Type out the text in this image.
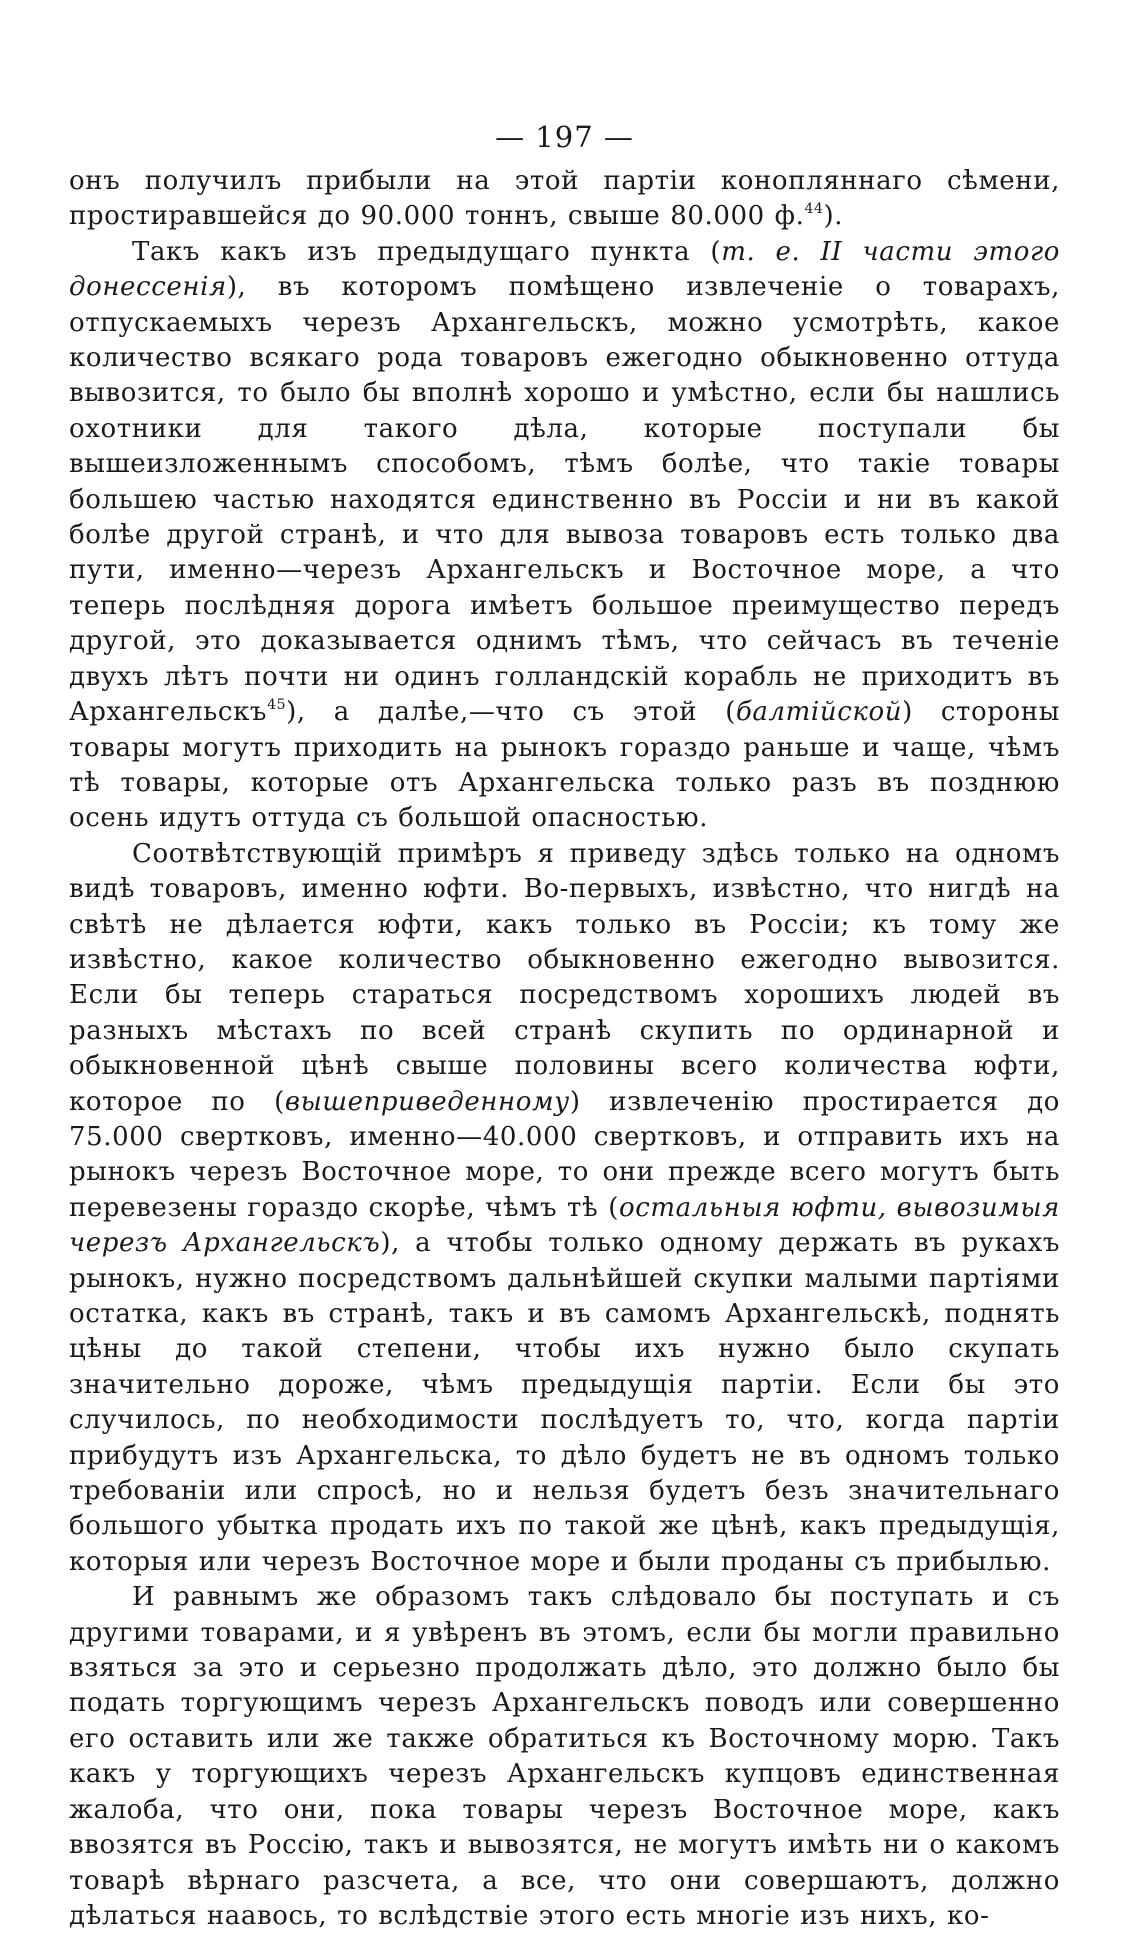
— 197 —

онъ получилъ прибыли на этой партіи конопляннаго сѣмени, простиравшейся до 90.000 тоннъ, свыше 80.000 ф.$^{44}$).

Такъ какъ изъ предыдущаго пункта (т. е. II части этого донессенія), въ которомъ помѣщено извлеченіе о товарахъ, отпускаемыхъ черезъ Архангельскъ, можно усмотрѣть, какое количество всякаго рода товаровъ ежегодно обыкновенно оттуда вывозится, то было бы вполнѣ хорошо и умѣстно, если бы нашлись охотники для такого дѣла, которые поступали бы вышеизложеннымъ способомъ, тѣмъ болѣе, что такіе товары большею частью находятся единственно въ Россіи и ни въ какой болѣе другой странѣ, и что для вывоза товаровъ есть только два пути, именно—черезъ Архангельскъ и Восточное море, а что теперь послѣдняя дорога имѣетъ большое преимущество передъ другой, это доказывается однимъ тѣмъ, что сейчасъ въ теченіе двухъ лѣтъ почти ни одинъ голландскій корабль не приходитъ въ Архангельскъ$^{45}$), а далѣе,—что съ этой (балтійской) стороны товары могутъ приходить на рынокъ гораздо раньше и чаще, чѣмъ тѣ товары, которые отъ Архангельска только разъ въ позднюю осень идутъ оттуда съ большой опасностью.

Соотвѣтствующій примѣръ я приведу здѣсь только на одномъ видѣ товаровъ, именно юфти. Во-первыхъ, извѣстно, что нигдѣ на свѣтѣ не дѣлается юфти, какъ только въ Россіи; къ тому же извѣстно, какое количество обыкновенно ежегодно вывозится. Если бы теперь стараться посредствомъ хорошихъ людей въ разныхъ мѣстахъ по всей странѣ скупить по ординарной и обыкновенной цѣнѣ свыше половины всего количества юфти, которое по (вышеприведенному) извлеченію простирается до 75.000 свертковъ, именно—40.000 свертковъ, и отправить ихъ на рынокъ черезъ Восточное море, то они прежде всего могутъ быть перевезены гораздо скорѣе, чѣмъ тѣ (остальныя юфти, вывозимыя черезъ Архангельскъ), а чтобы только одному держать въ рукахъ рынокъ, нужно посредствомъ дальнѣйшей скупки малыми партіями остатка, какъ въ странѣ, такъ и въ самомъ Архангельскѣ, поднять цѣны до такой степени, чтобы ихъ нужно было скупать значительно дороже, чѣмъ предыдущія партіи. Если бы это случилось, по необходимости послѣдуетъ то, что, когда партіи прибудутъ изъ Архангельска, то дѣло будетъ не въ одномъ только требованіи или спросѣ, но и нельзя будетъ безъ значительнаго большого убытка продать ихъ по такой же цѣнѣ, какъ предыдущія, которыя или черезъ Восточное море и были проданы съ прибылью.

И равнымъ же образомъ такъ слѣдовало бы поступать и съ другими товарами, и я увѣренъ въ этомъ, если бы могли правильно взяться за это и серьезно продолжать дѣло, это должно было бы подать торгующимъ черезъ Архангельскъ поводъ или совершенно его оставить или же также обратиться къ Восточному морю. Такъ какъ у торгующихъ черезъ Архангельскъ купцовъ единственная жалоба, что они, пока товары черезъ Восточное море, какъ ввозятся въ Россію, такъ и вывозятся, не могутъ имѣть ни о какомъ товарѣ вѣрнаго разсчета, а все, что они совершаютъ, должно дѣлаться наавось, то вслѣдствіе этого есть многіе изъ нихъ, ко-
